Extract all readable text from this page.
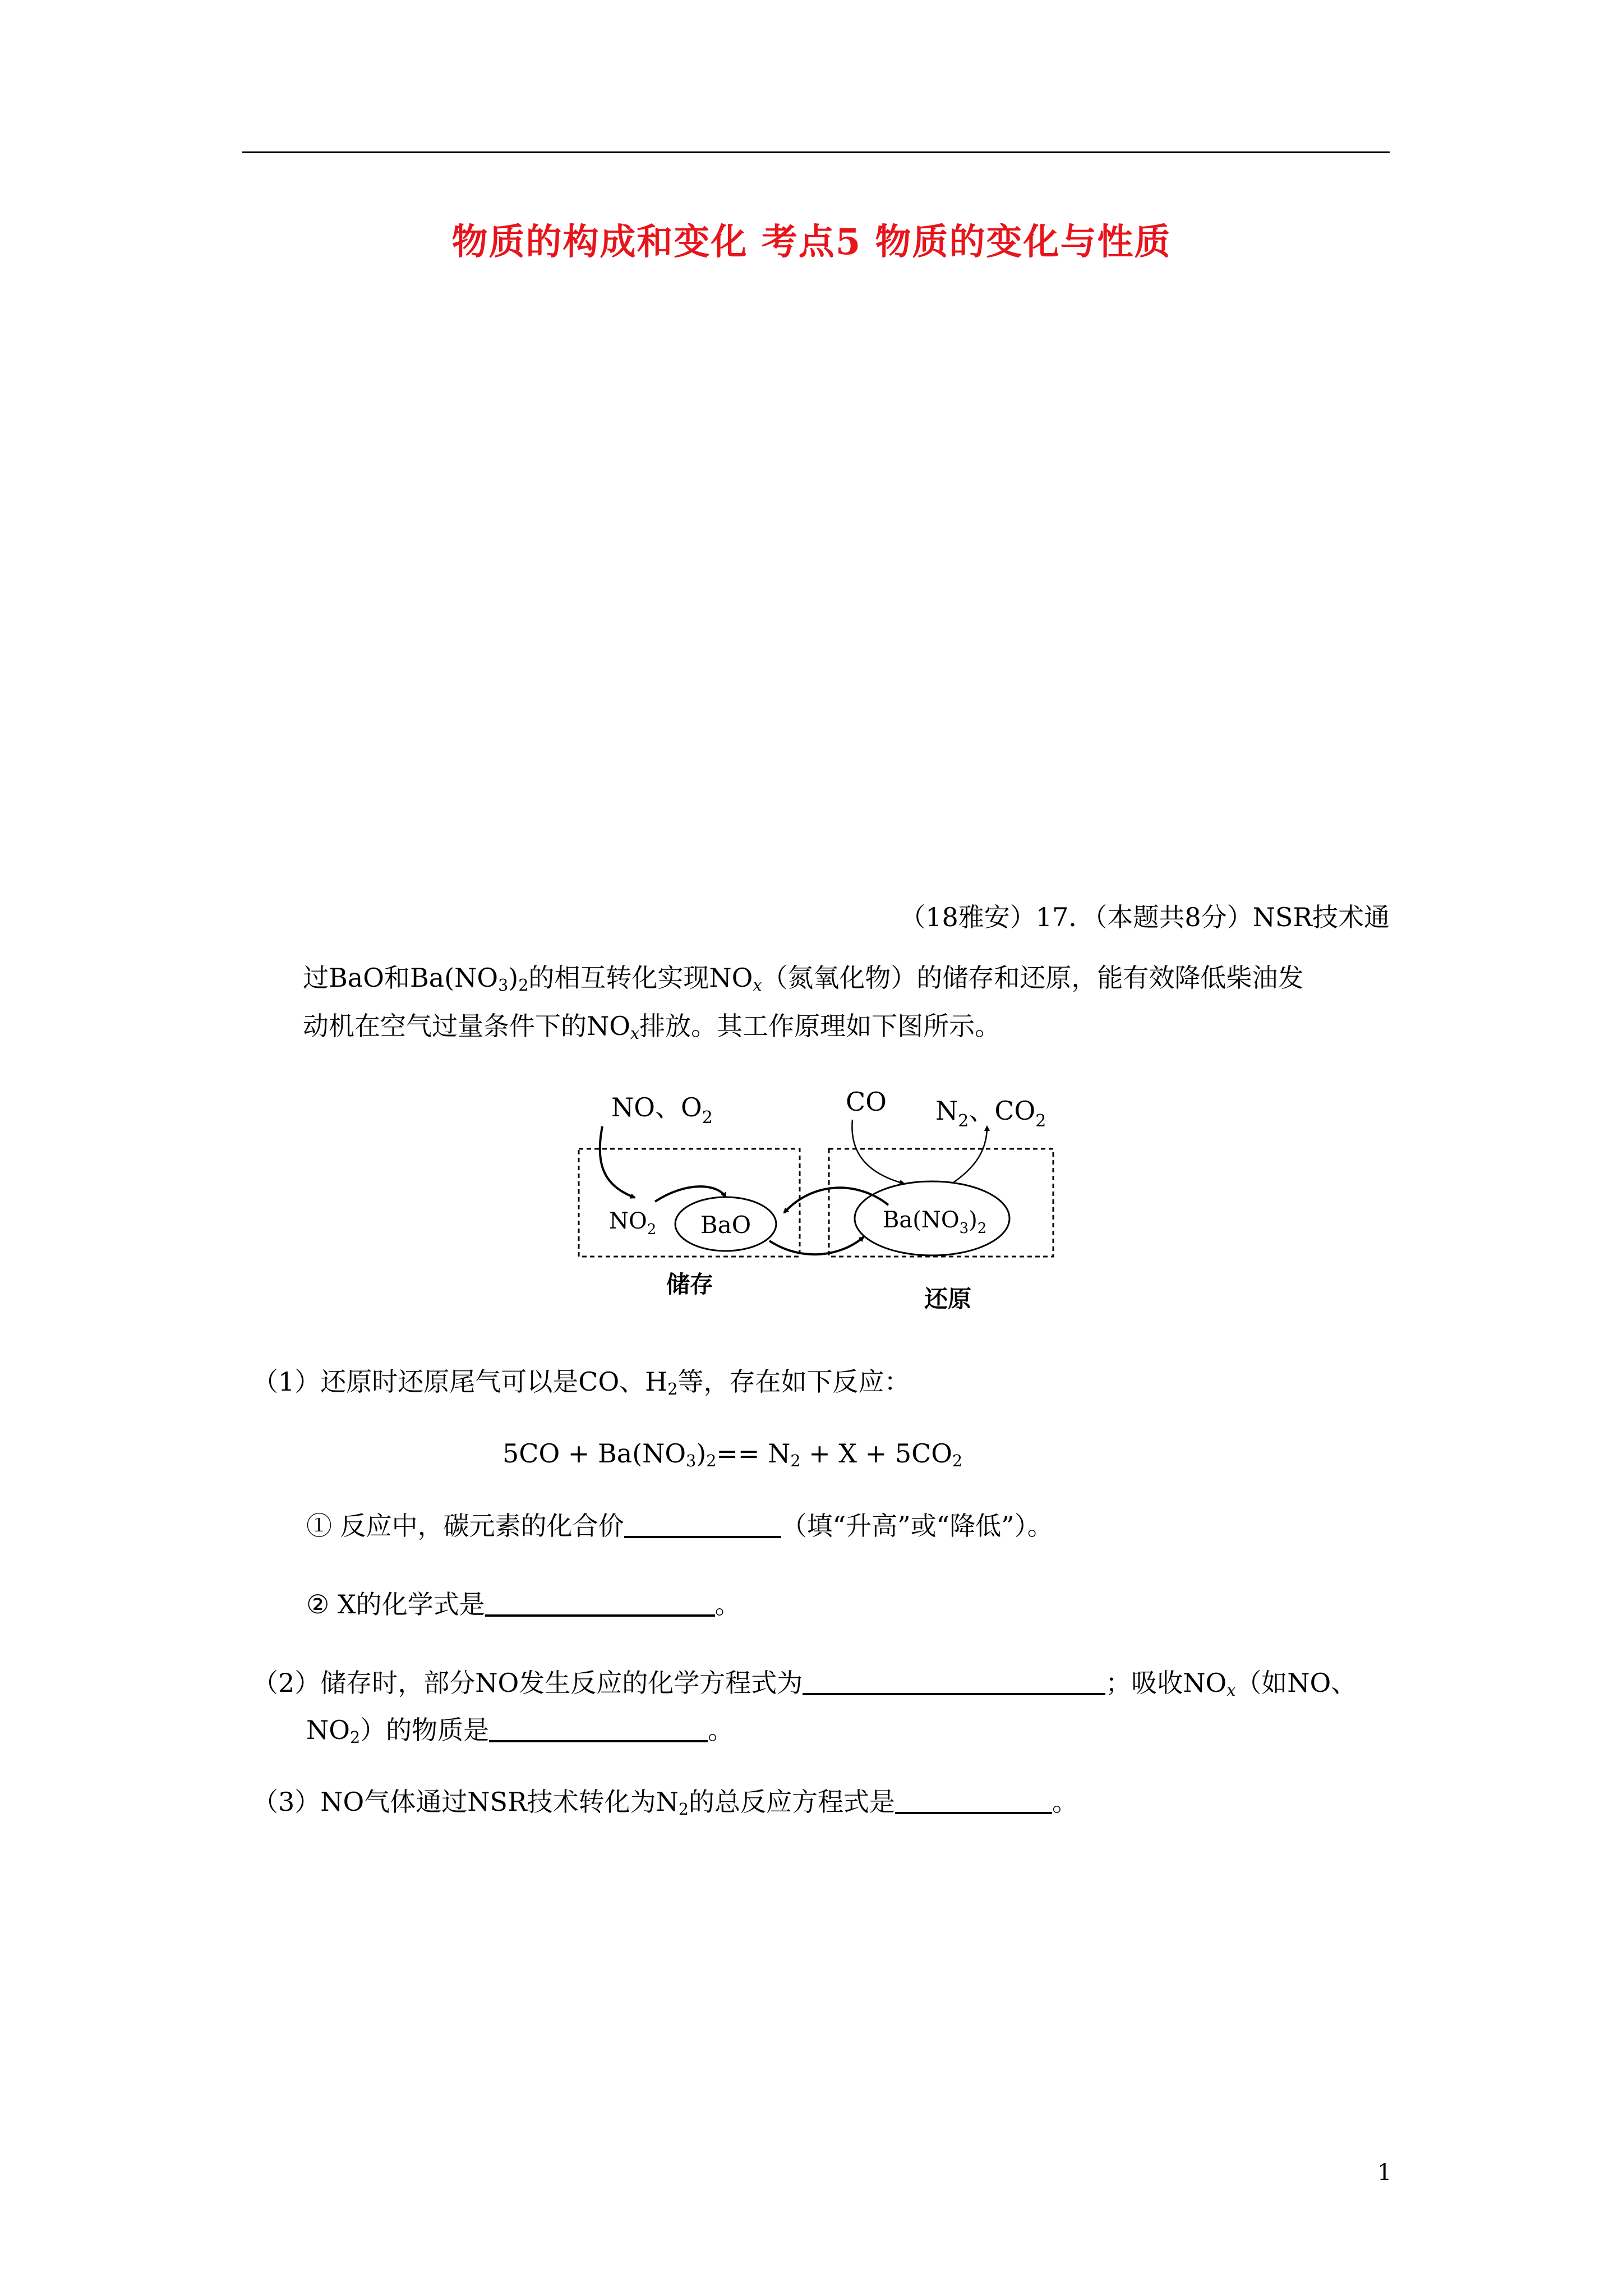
物质的构成和变化 考点5 物质的变化与性质
（18雅安）17．（本题共8分）NSR技术通
过BaO和$Ba(NO_3)_2$的相互转化实现$NO_x$（氮氧化物）的储存和还原，能有效降低柴油发
动机在空气过量条件下的$NO_x$排放。其工作原理如下图所示。
NO、$O_2$
CO $N_2$、$CO_2$
$NO_2$ BaO	$Ba(NO_3)_2$
储存
还原
（1）还原时还原尾气可以是CO、$H_2$等，存在如下反应：
$5CO + Ba(NO_3)_2== N_2 + X + 5CO_2$
① 反应中，碳元素的化合价	（填“升高”或“降低”）。
② X的化学式是	。
（2）储存时，部分NO发生反应的化学方程式为	；吸收$NO_x$（如NO、
$NO_2$）的物质是	。
（3）NO气体通过NSR技术转化为$N_2$的总反应方程式是	。
1
